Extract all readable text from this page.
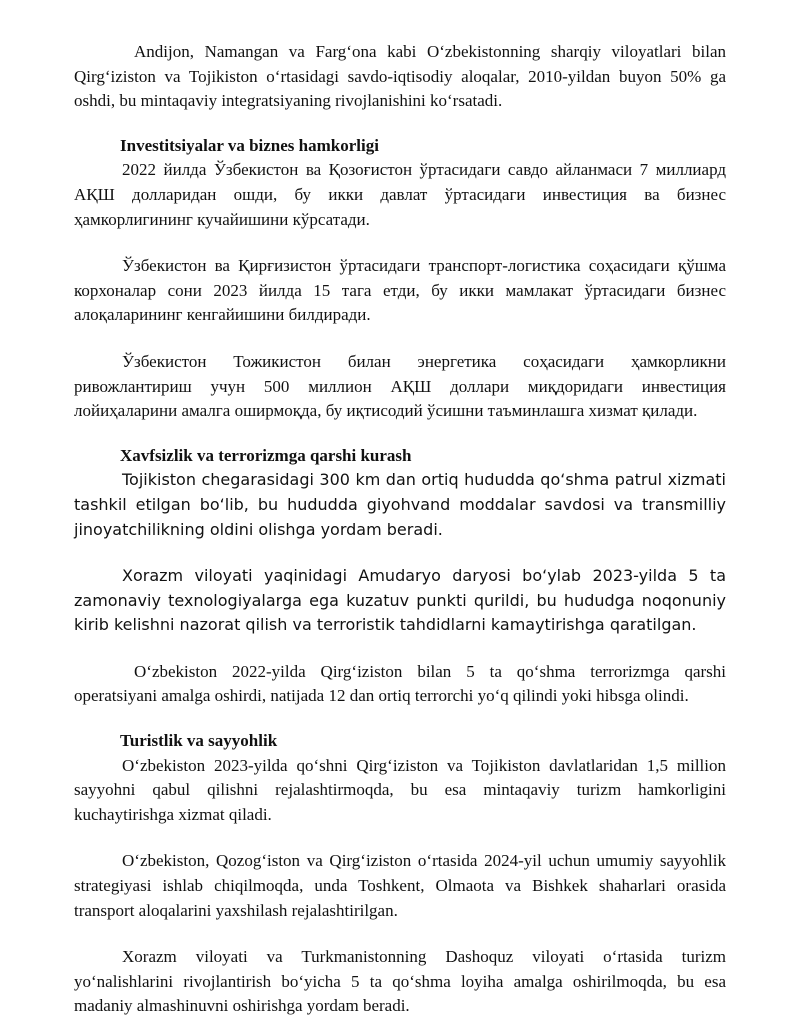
Andijon, Namangan va Farg‘ona kabi O‘zbekistonning sharqiy viloyatlari bilan Qirg‘iziston va Tojikiston o‘rtasidagi savdo-iqtisodiy aloqalar, 2010-yildan buyon 50% ga oshdi, bu mintaqaviy integratsiyaning rivojlanishini ko‘rsatadi.

Investitsiyalar va biznes hamkorligi

2022 йилда Ўзбекистон ва Қозоғистон ўртасидаги савдо айланмаси 7 миллиард АҚШ долларидан ошди, бу икки давлат ўртасидаги инвестиция ва бизнес ҳамкорлигининг кучайишини кўрсатади.

Ўзбекистон ва Қирғизистон ўртасидаги транспорт-логистика соҳасидаги қўшма корхоналар сони 2023 йилда 15 тага етди, бу икки мамлакат ўртасидаги бизнес алоқаларининг кенгайишини билдиради.

Ўзбекистон Тожикистон билан энергетика соҳасидаги ҳамкорликни ривожлантириш учун 500 миллион АҚШ доллари миқдоридаги инвестиция лойиҳаларини амалга оширмоқда, бу иқтисодий ўсишни таъминлашга хизмат қилади.

Xavfsizlik va terrorizmga qarshi kurash

Tojikiston chegarasidagi 300 km dan ortiq hududda qo‘shma patrul xizmati tashkil etilgan bo‘lib, bu hududda giyohvand moddalar savdosi va transmilliy jinoyatchilikning oldini olishga yordam beradi.

Xorazm viloyati yaqinidagi Amudaryo daryosi bo‘ylab 2023-yilda 5 ta zamonaviy texnologiyalarga ega kuzatuv punkti qurildi, bu hududga noqonuniy kirib kelishni nazorat qilish va terroristik tahdidlarni kamaytirishga qaratilgan.

O‘zbekiston 2022-yilda Qirg‘iziston bilan 5 ta qo‘shma terrorizmga qarshi operatsiyani amalga oshirdi, natijada 12 dan ortiq terrorchi yo‘q qilindi yoki hibsga olindi.

Turistlik va sayyohlik

O‘zbekiston 2023-yilda qo‘shni Qirg‘iziston va Tojikiston davlatlaridan 1,5 million sayyohni qabul qilishni rejalashtirmoqda, bu esa mintaqaviy turizm hamkorligini kuchaytirishga xizmat qiladi.

O‘zbekiston, Qozog‘iston va Qirg‘iziston o‘rtasida 2024-yil uchun umumiy sayyohlik strategiyasi ishlab chiqilmoqda, unda Toshkent, Olmaota va Bishkek shaharlari orasida transport aloqalarini yaxshilash rejalashtirilgan.

Xorazm viloyati va Turkmanistonning Dashoquz viloyati o‘rtasida turizm yo‘nalishlarini rivojlantirish bo‘yicha 5 ta qo‘shma loyiha amalga oshirilmoqda, bu esa madaniy almashinuvni oshirishga yordam beradi.
